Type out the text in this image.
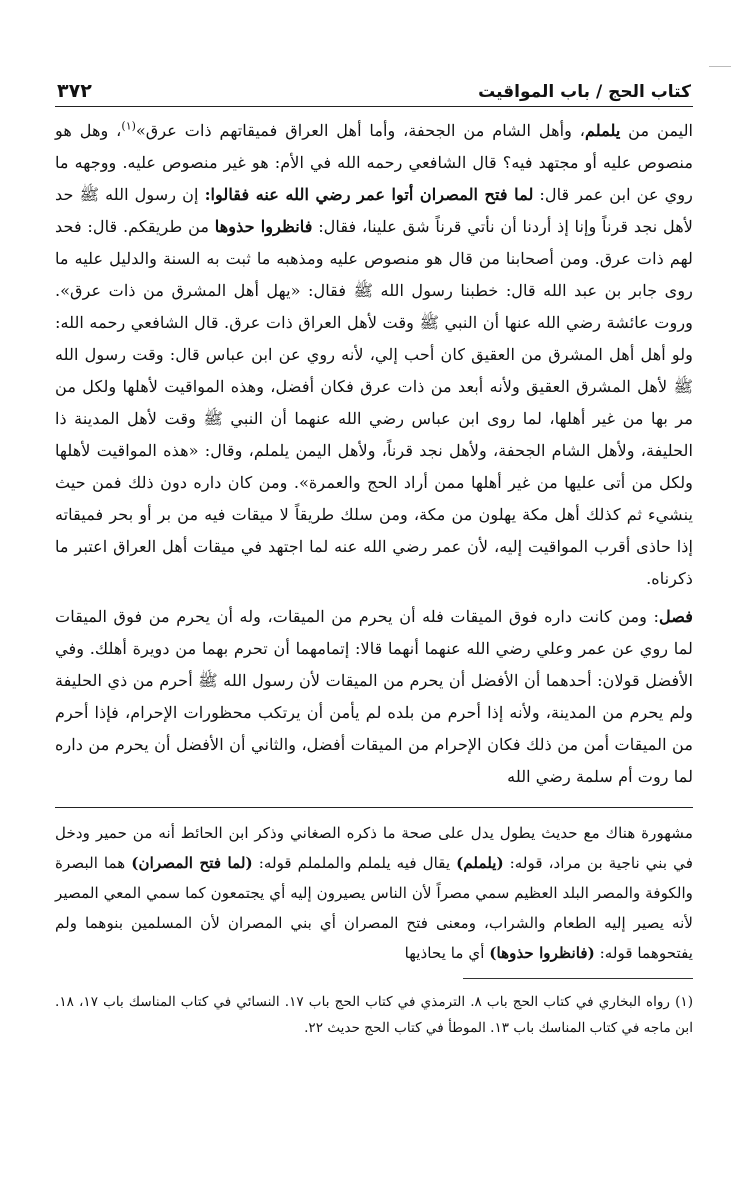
كتاب الحج / باب المواقيت
٣٧٢

اليمن من يلملم، وأهل الشام من الجحفة، وأما أهل العراق فميقاتهم ذات عرق»$^{(١)}$، وهل هو منصوص عليه أو مجتهد فيه؟ قال الشافعي رحمه الله في الأم: هو غير منصوص عليه. ووجهه ما روي عن ابن عمر قال: لما فتح المصران أتوا عمر رضي الله عنه فقالوا: إن رسول الله ﷺ حد لأهل نجد قرناً وإنا إذ أردنا أن نأتي قرناً شق علينا، فقال: فانظروا حذوها من طريقكم. قال: فحد لهم ذات عرق. ومن أصحابنا من قال هو منصوص عليه ومذهبه ما ثبت به السنة والدليل عليه ما روى جابر بن عبد الله قال: خطبنا رسول الله ﷺ فقال: «يهل أهل المشرق من ذات عرق». وروت عائشة رضي الله عنها أن النبي ﷺ وقت لأهل العراق ذات عرق. قال الشافعي رحمه الله: ولو أهل أهل المشرق من العقيق كان أحب إلي، لأنه روي عن ابن عباس قال: وقت رسول الله ﷺ لأهل المشرق العقيق ولأنه أبعد من ذات عرق فكان أفضل، وهذه المواقيت لأهلها ولكل من مر بها من غير أهلها، لما روى ابن عباس رضي الله عنهما أن النبي ﷺ وقت لأهل المدينة ذا الحليفة، ولأهل الشام الجحفة، ولأهل نجد قرناً، ولأهل اليمن يلملم، وقال: «هذه المواقيت لأهلها ولكل من أتى عليها من غير أهلها ممن أراد الحج والعمرة». ومن كان داره دون ذلك فمن حيث ينشيء ثم كذلك أهل مكة يهلون من مكة، ومن سلك طريقاً لا ميقات فيه من بر أو بحر فميقاته إذا حاذى أقرب المواقيت إليه، لأن عمر رضي الله عنه لما اجتهد في ميقات أهل العراق اعتبر ما ذكرناه.

فصل: ومن كانت داره فوق الميقات فله أن يحرم من الميقات، وله أن يحرم من فوق الميقات لما روي عن عمر وعلي رضي الله عنهما أنهما قالا: إتمامهما أن تحرم بهما من دويرة أهلك. وفي الأفضل قولان: أحدهما أن الأفضل أن يحرم من الميقات لأن رسول الله ﷺ أحرم من ذي الحليفة ولم يحرم من المدينة، ولأنه إذا أحرم من بلده لم يأمن أن يرتكب محظورات الإحرام، فإذا أحرم من الميقات أمن من ذلك فكان الإحرام من الميقات أفضل، والثاني أن الأفضل أن يحرم من داره لما روت أم سلمة رضي الله

مشهورة هناك مع حديث يطول يدل على صحة ما ذكره الصغاني وذكر ابن الحائط أنه من حمير ودخل في بني ناجية بن مراد، قوله: (يلملم) يقال فيه يلملم والململم قوله: (لما فتح المصران) هما البصرة والكوفة والمصر البلد العظيم سمي مصراً لأن الناس يصيرون إليه أي يجتمعون كما سمي المعي المصير لأنه يصير إليه الطعام والشراب، ومعنى فتح المصران أي بني المصران لأن المسلمين بنوهما ولم يفتحوهما قوله: (فانظروا حذوها) أي ما يحاذيها
(١) رواه البخاري في كتاب الحج باب ٨. الترمذي في كتاب الحج باب ١٧. النسائي في كتاب المناسك باب ١٧، ١٨. ابن ماجه في كتاب المناسك باب ١٣. الموطأ في كتاب الحج حديث ٢٢.
